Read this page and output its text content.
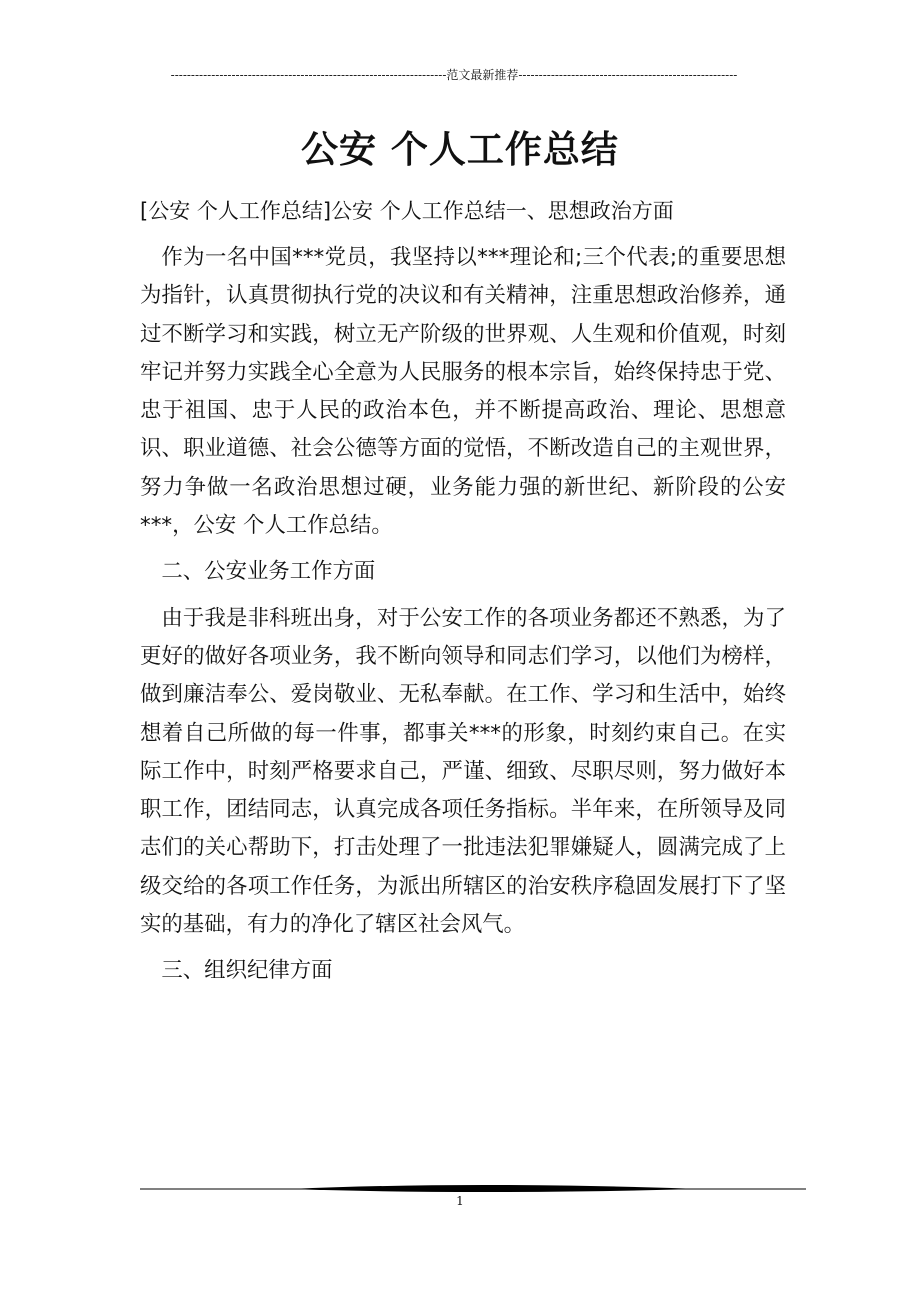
--------------------------------------------------------------------范文最新推荐------------------------------------------------------
公安 个人工作总结

[公安 个人工作总结]公安 个人工作总结一、思想政治方面

作为一名中国***党员，我坚持以***理论和;三个代表;的重要思想为指针，认真贯彻执行党的决议和有关精神，注重思想政治修养，通过不断学习和实践，树立无产阶级的世界观、人生观和价值观，时刻牢记并努力实践全心全意为人民服务的根本宗旨，始终保持忠于党、忠于祖国、忠于人民的政治本色，并不断提高政治、理论、思想意识、职业道德、社会公德等方面的觉悟，不断改造自己的主观世界，努力争做一名政治思想过硬，业务能力强的新世纪、新阶段的公安***，公安 个人工作总结。

二、公安业务工作方面

由于我是非科班出身，对于公安工作的各项业务都还不熟悉，为了更好的做好各项业务，我不断向领导和同志们学习，以他们为榜样，做到廉洁奉公、爱岗敬业、无私奉献。在工作、学习和生活中，始终想着自己所做的每一件事，都事关***的形象，时刻约束自己。在实际工作中，时刻严格要求自己，严谨、细致、尽职尽则，努力做好本职工作，团结同志，认真完成各项任务指标。半年来，在所领导及同志们的关心帮助下，打击处理了一批违法犯罪嫌疑人，圆满完成了上级交给的各项工作任务，为派出所辖区的治安秩序稳固发展打下了坚实的基础，有力的净化了辖区社会风气。

三、组织纪律方面

1
